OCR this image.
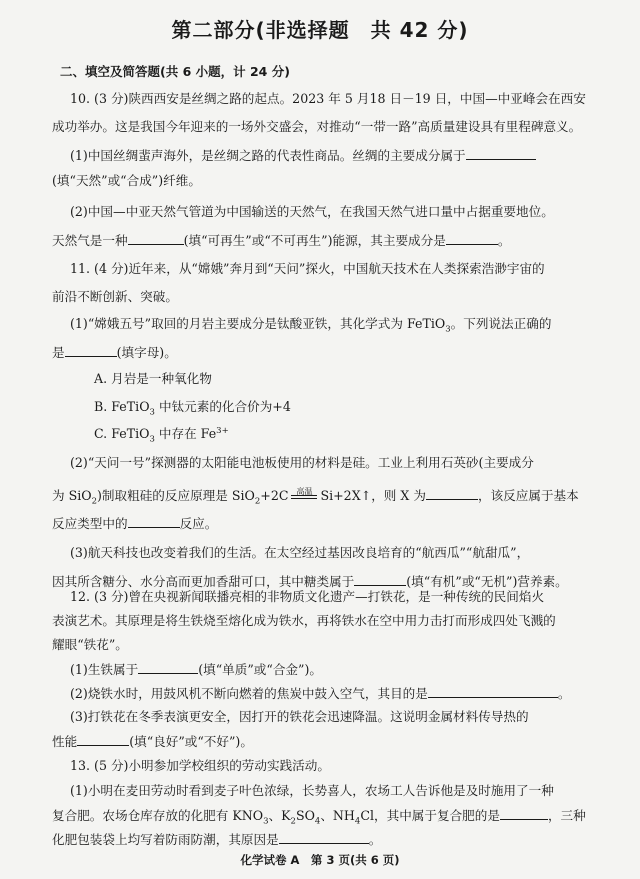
第二部分(非选择题　共 42 分)
二、填空及简答题(共 6 小题，计 24 分)
10. (3 分)陕西西安是丝绸之路的起点。2023 年 5 月18 日－19 日，中国—中亚峰会在西安
成功举办。这是我国今年迎来的一场外交盛会，对推动“一带一路”高质量建设具有里程碑意义。
(1)中国丝绸蜚声海外，是丝绸之路的代表性商品。丝绸的主要成分属于
(填“天然”或“合成”)纤维。
(2)中国—中亚天然气管道为中国输送的天然气，在我国天然气进口量中占据重要地位。
天然气是一种	(填“可再生”或“不可再生”)能源，其主要成分是	。
11. (4 分)近年来，从“嫦娥”奔月到“天问”探火，中国航天技术在人类探索浩渺宇宙的
前沿不断创新、突破。
(1)“嫦娥五号”取回的月岩主要成分是钛酸亚铁，其化学式为 FeTiO$_3$。下列说法正确的
是	(填字母)。
A. 月岩是一种氧化物
B. FeTiO$_3$ 中钛元素的化合价为+4
C. FeTiO$_3$ 中存在 $Fe^{3+}$
(2)“天问一号”探测器的太阳能电池板使用的材料是硅。工业上利用石英砂(主要成分
为 SiO$_2$)制取粗硅的反应原理是 SiO$_2$+2C	高温 Si+2X↑，则 X 为	，该反应属于基本
反应类型中的	反应。
(3)航天科技也改变着我们的生活。在太空经过基因改良培育的“航西瓜”“航甜瓜”，
因其所含糖分、水分高而更加香甜可口，其中糖类属于	(填“有机”或“无机”)营养素。
12. (3 分)曾在央视新闻联播亮相的非物质文化遗产—打铁花，是一种传统的民间焰火
表演艺术。其原理是将生铁烧至熔化成为铁水，再将铁水在空中用力击打而形成四处飞溅的
耀眼“铁花”。
(1)生铁属于	(填“单质”或“合金”)。
(2)烧铁水时，用鼓风机不断向燃着的焦炭中鼓入空气，其目的是	。
(3)打铁花在冬季表演更安全，因打开的铁花会迅速降温。这说明金属材料传导热的
性能	(填“良好”或“不好”)。
13. (5 分)小明参加学校组织的劳动实践活动。
化学试卷 A　第 3 页(共 6 页)
(1)小明在麦田劳动时看到麦子叶色浓绿，长势喜人，农场工人告诉他是及时施用了一种
复合肥。农场仓库存放的化肥有 $KNO_3$、$K_2SO_4$、$NH_4Cl$，其中属于复合肥的是	，三种
化肥包装袋上均写着防雨防潮，其原因是	。
